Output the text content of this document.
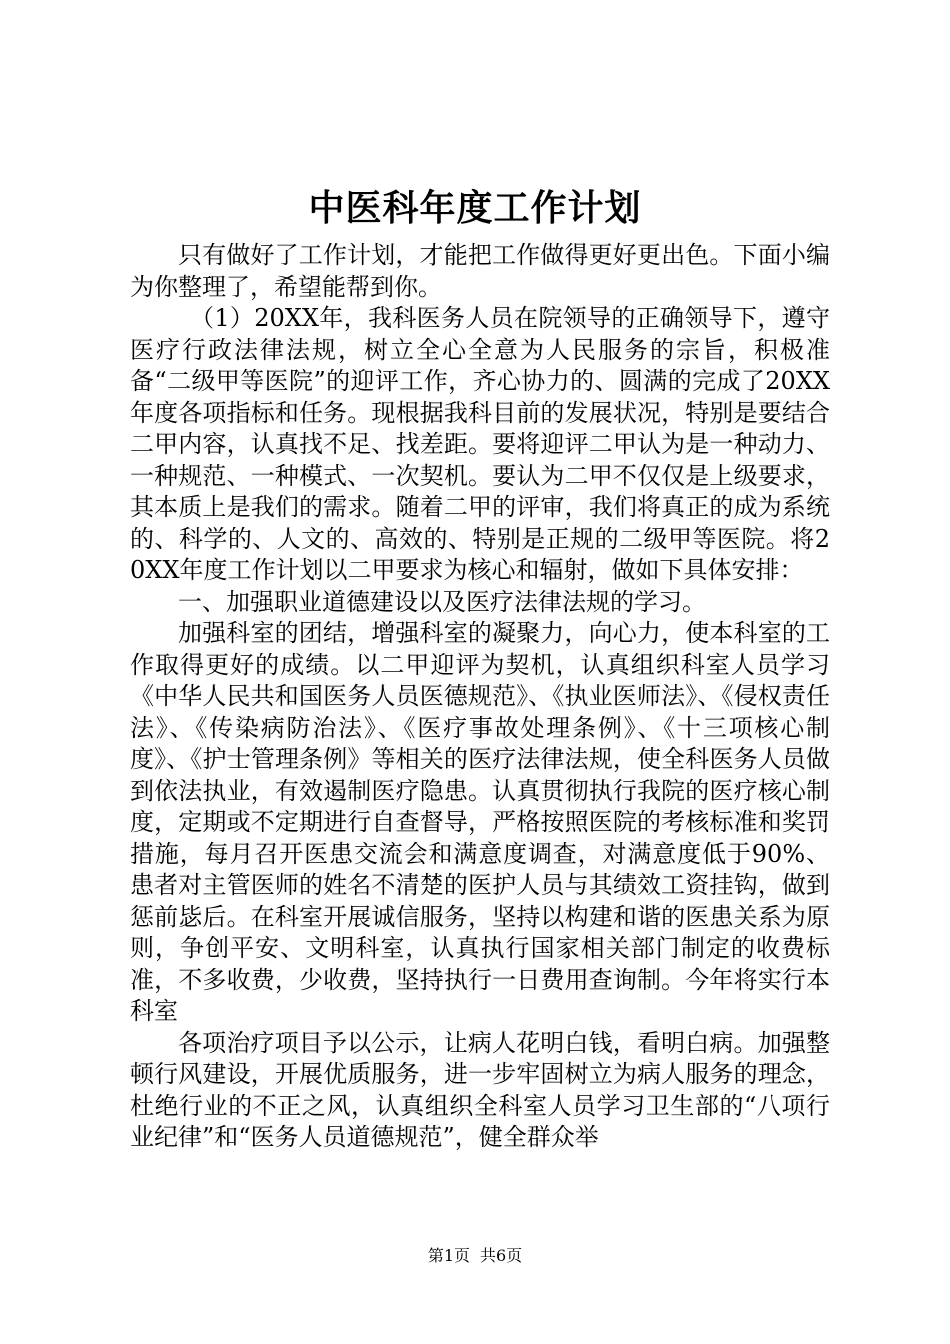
中医科年度工作计划

只有做好了工作计划，才能把工作做得更好更出色。下面小编为你整理了，希望能帮到你。

（1）20XX年，我科医务人员在院领导的正确领导下，遵守医疗行政法律法规，树立全心全意为人民服务的宗旨，积极准备“二级甲等医院”的迎评工作，齐心协力的、圆满的完成了20XX年度各项指标和任务。现根据我科目前的发展状况，特别是要结合二甲内容，认真找不足、找差距。要将迎评二甲认为是一种动力、一种规范、一种模式、一次契机。要认为二甲不仅仅是上级要求，其本质上是我们的需求。随着二甲的评审，我们将真正的成为系统的、科学的、人文的、高效的、特别是正规的二级甲等医院。将20XX年度工作计划以二甲要求为核心和辐射，做如下具体安排：

一、加强职业道德建设以及医疗法律法规的学习。

加强科室的团结，增强科室的凝聚力，向心力，使本科室的工作取得更好的成绩。以二甲迎评为契机，认真组织科室人员学习《中华人民共和国医务人员医德规范》、《执业医师法》、《侵权责任法》、《传染病防治法》、《医疗事故处理条例》、《十三项核心制度》、《护士管理条例》等相关的医疗法律法规，使全科医务人员做到依法执业，有效遏制医疗隐患。认真贯彻执行我院的医疗核心制度，定期或不定期进行自查督导，严格按照医院的考核标准和奖罚措施，每月召开医患交流会和满意度调查，对满意度低于90%、患者对主管医师的姓名不清楚的医护人员与其绩效工资挂钩，做到惩前毖后。在科室开展诚信服务，坚持以构建和谐的医患关系为原则，争创平安、文明科室，认真执行国家相关部门制定的收费标准，不多收费，少收费，坚持执行一日费用查询制。今年将实行本科室

各项治疗项目予以公示，让病人花明白钱，看明白病。加强整顿行风建设，开展优质服务，进一步牢固树立为病人服务的理念，杜绝行业的不正之风，认真组织全科室人员学习卫生部的“八项行业纪律”和“医务人员道德规范”，健全群众举

第1页 共6页
